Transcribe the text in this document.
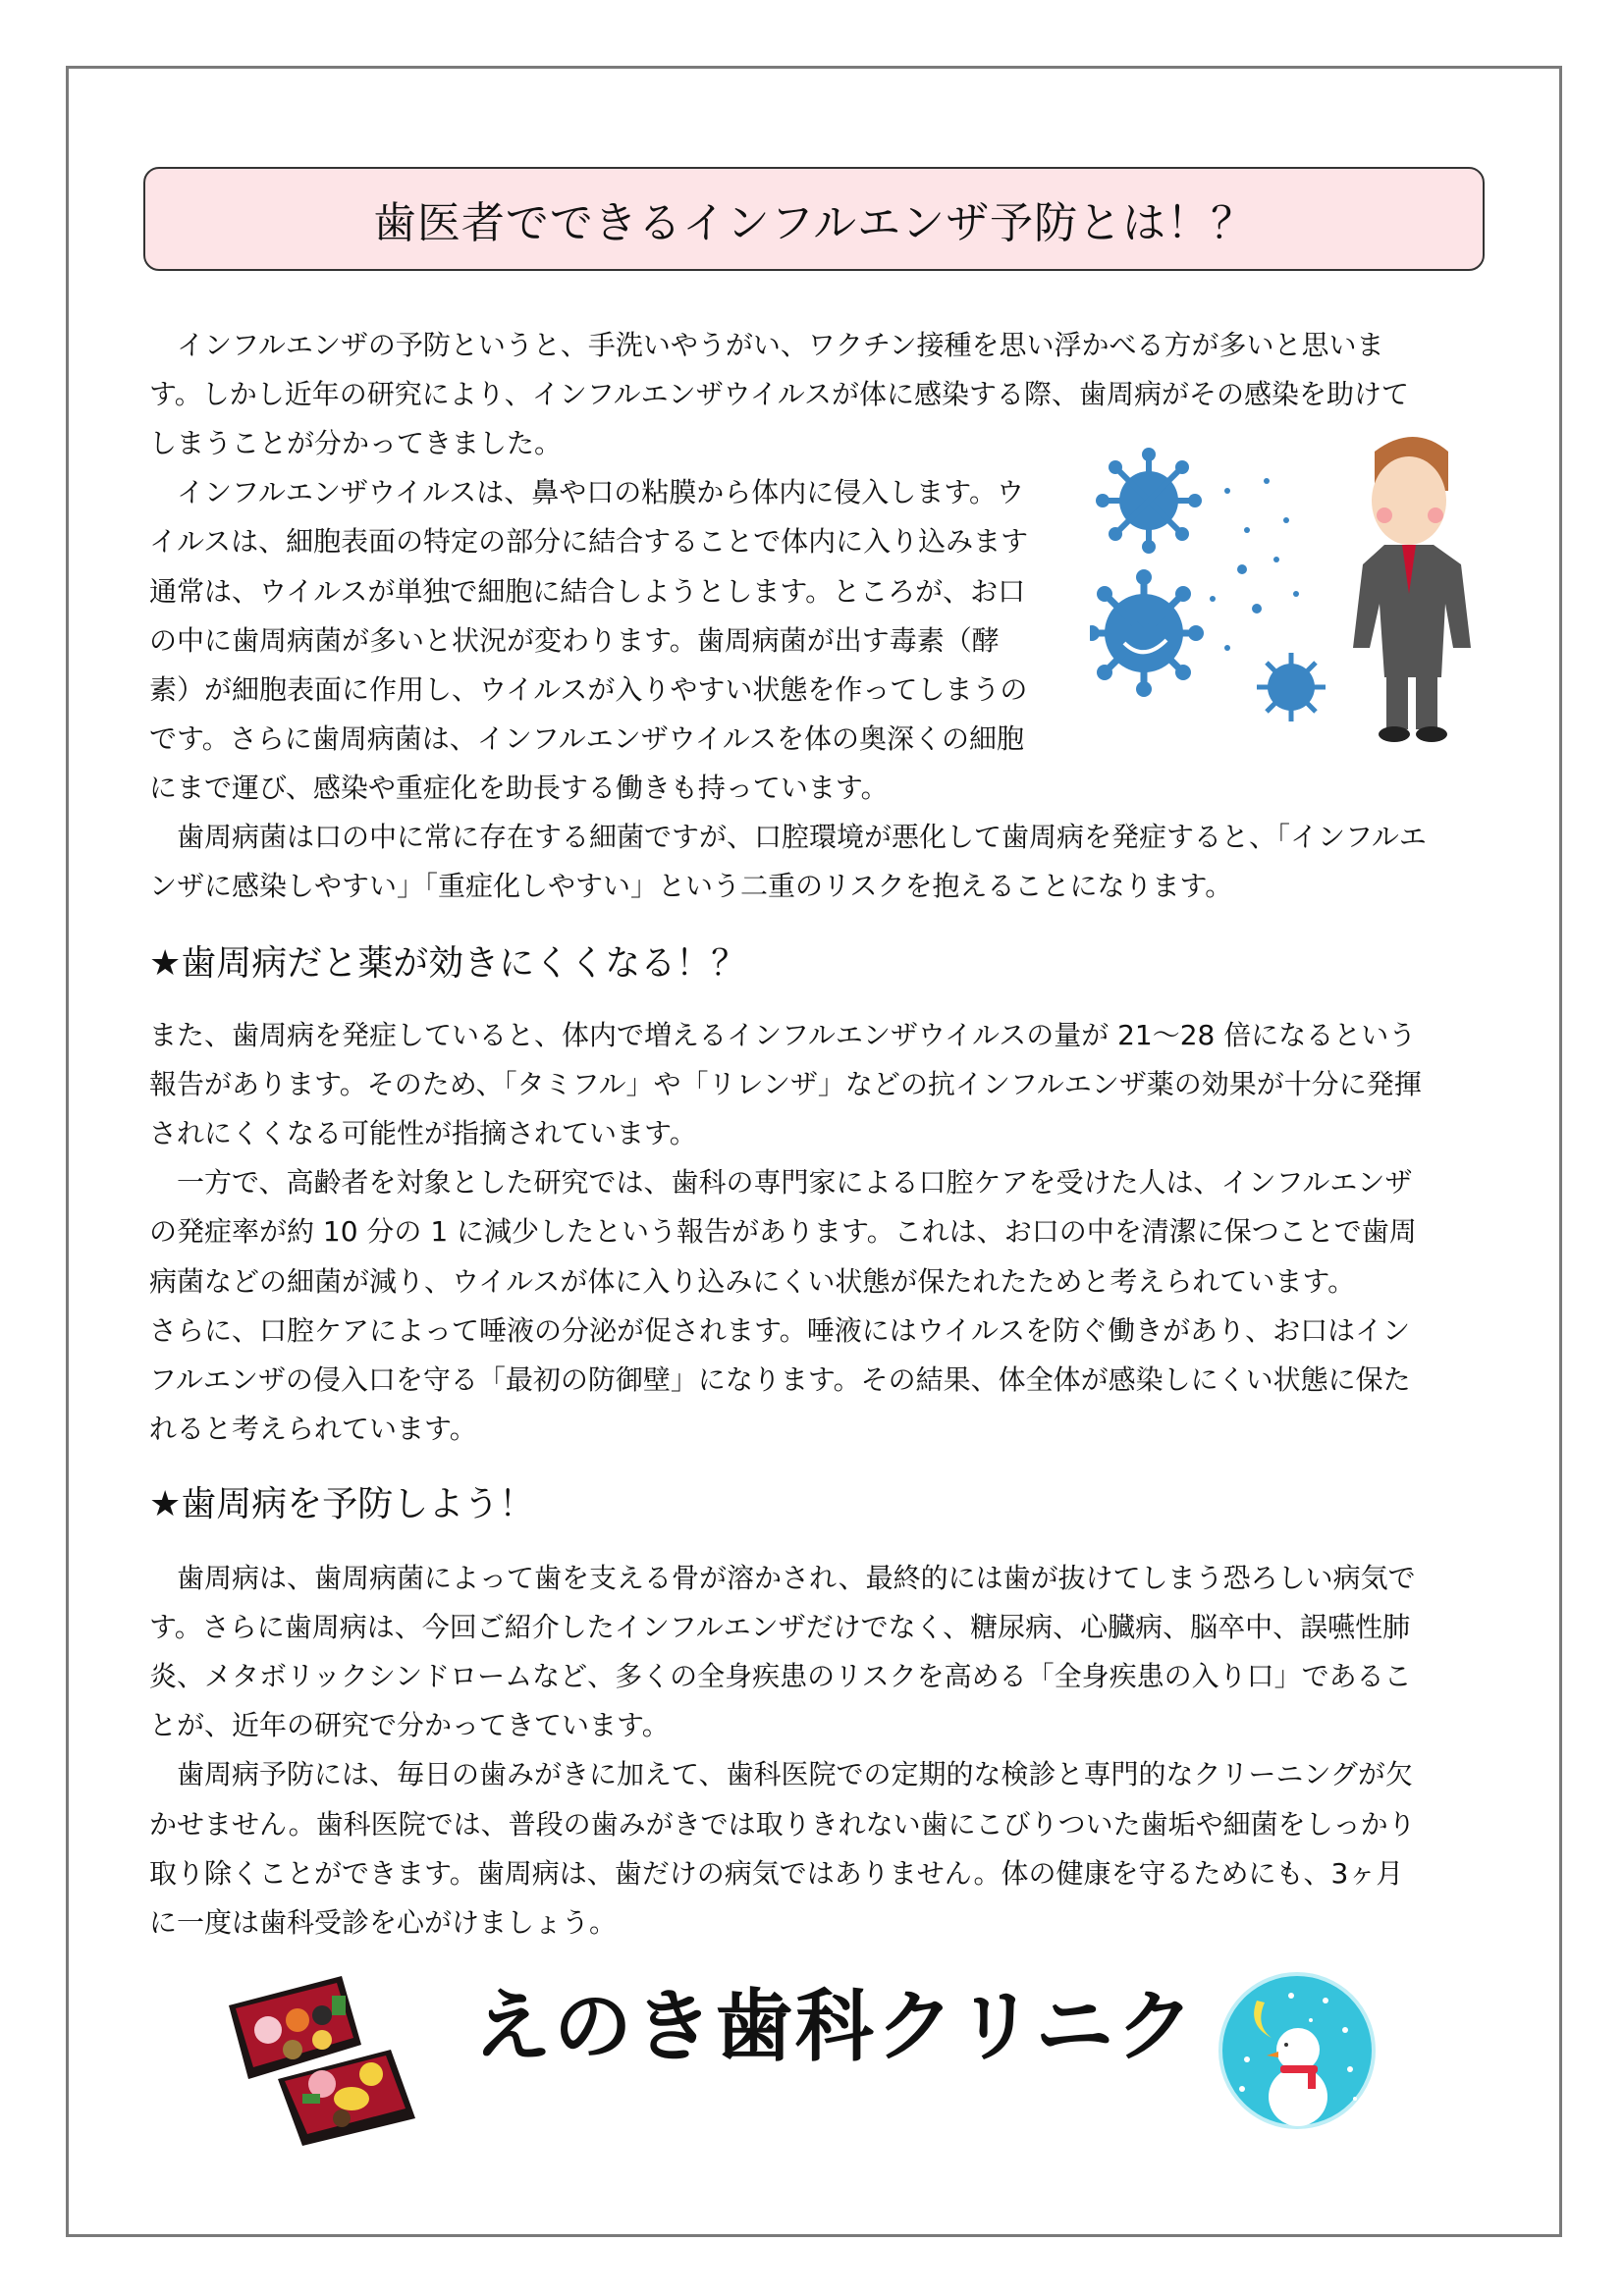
歯医者でできるインフルエンザ予防とは！？
　インフルエンザの予防というと、手洗いやうがい、ワクチン接種を思い浮かべる方が多いと思いま
す。しかし近年の研究により、インフルエンザウイルスが体に感染する際、歯周病がその感染を助けて
しまうことが分かってきました。
　インフルエンザウイルスは、鼻や口の粘膜から体内に侵入します。ウ
イルスは、細胞表面の特定の部分に結合することで体内に入り込みます
通常は、ウイルスが単独で細胞に結合しようとします。ところが、お口
の中に歯周病菌が多いと状況が変わります。歯周病菌が出す毒素（酵
素）が細胞表面に作用し、ウイルスが入りやすい状態を作ってしまうの
です。さらに歯周病菌は、インフルエンザウイルスを体の奥深くの細胞
にまで運び、感染や重症化を助長する働きも持っています。
　歯周病菌は口の中に常に存在する細菌ですが、口腔環境が悪化して歯周病を発症すると、「インフルエ
ンザに感染しやすい」「重症化しやすい」という二重のリスクを抱えることになります。
また、歯周病を発症していると、体内で増えるインフルエンザウイルスの量が 21～28 倍になるという
報告があります。そのため、「タミフル」や「リレンザ」などの抗インフルエンザ薬の効果が十分に発揮
されにくくなる可能性が指摘されています。
　一方で、高齢者を対象とした研究では、歯科の専門家による口腔ケアを受けた人は、インフルエンザ
の発症率が約 10 分の 1 に減少したという報告があります。これは、お口の中を清潔に保つことで歯周
病菌などの細菌が減り、ウイルスが体に入り込みにくい状態が保たれたためと考えられています。
さらに、口腔ケアによって唾液の分泌が促されます。唾液にはウイルスを防ぐ働きがあり、お口はイン
フルエンザの侵入口を守る「最初の防御壁」になります。その結果、体全体が感染しにくい状態に保た
れると考えられています。
　歯周病は、歯周病菌によって歯を支える骨が溶かされ、最終的には歯が抜けてしまう恐ろしい病気で
す。さらに歯周病は、今回ご紹介したインフルエンザだけでなく、糖尿病、心臓病、脳卒中、誤嚥性肺
炎、メタボリックシンドロームなど、多くの全身疾患のリスクを高める「全身疾患の入り口」であるこ
とが、近年の研究で分かってきています。
　歯周病予防には、毎日の歯みがきに加えて、歯科医院での定期的な検診と専門的なクリーニングが欠
かせません。歯科医院では、普段の歯みがきでは取りきれない歯にこびりついた歯垢や細菌をしっかり
取り除くことができます。歯周病は、歯だけの病気ではありません。体の健康を守るためにも、3ヶ月
に一度は歯科受診を心がけましょう。
★歯周病だと薬が効きにくくなる！？
★歯周病を予防しよう！
えのき歯科クリニク
